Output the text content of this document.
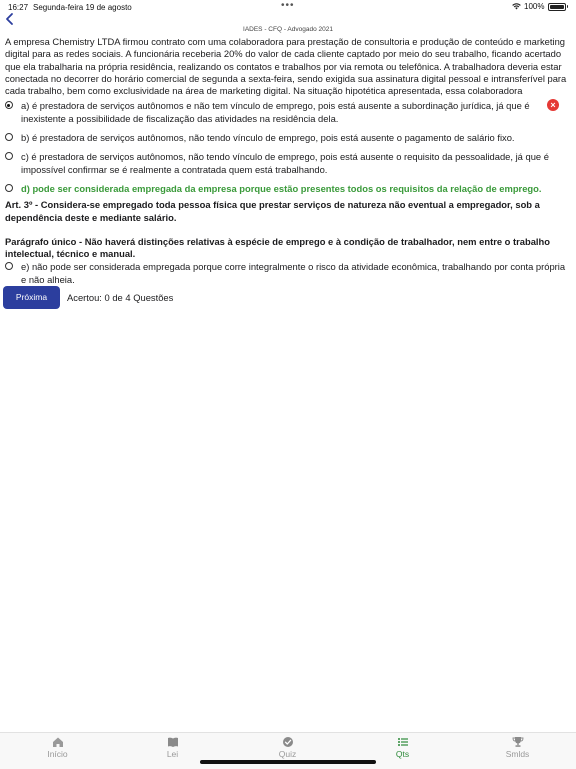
16:27 Segunda-feira 19 de agosto	•••	100%
IADES - CFQ - Advogado 2021

A empresa Chemistry LTDA firmou contrato com uma colaboradora para prestação de consultoria e produção de conteúdo e marketing digital para as redes sociais. A funcionária receberia 20% do valor de cada cliente captado por meio do seu trabalho, ficando acertado que ela trabalharia na própria residência, realizando os contatos e trabalhos por via remota ou telefônica. A trabalhadora deveria estar conectada no decorrer do horário comercial de segunda a sexta-feira, sendo exigida sua assinatura digital pessoal e intransferível para cada trabalho, bem como exclusividade na área de marketing digital. Na situação hipotética apresentada, essa colaboradora

a) é prestadora de serviços autônomos e não tem vínculo de emprego, pois está ausente a subordinação jurídica, já que é inexistente a possibilidade de fiscalização das atividades na residência dela.
×
b) é prestadora de serviços autônomos, não tendo vínculo de emprego, pois está ausente o pagamento de salário fixo.
c) é prestadora de serviços autônomos, não tendo vínculo de emprego, pois está ausente o requisito da pessoalidade, já que é impossível confirmar se é realmente a contratada quem está trabalhando.
d) pode ser considerada empregada da empresa porque estão presentes todos os requisitos da relação de emprego.
Art. 3º - Considera-se empregado toda pessoa física que prestar serviços de natureza não eventual a empregador, sob a dependência deste e mediante salário.
Parágrafo único - Não haverá distinções relativas à espécie de emprego e à condição de trabalhador, nem entre o trabalho intelectual, técnico e manual.
e) não pode ser considerada empregada porque corre integralmente o risco da atividade econômica, trabalhando por conta própria e não alheia.
Próxima	Acertou: 0 de 4 Questões
Início	Lei	Quiz	Qts	Smlds
